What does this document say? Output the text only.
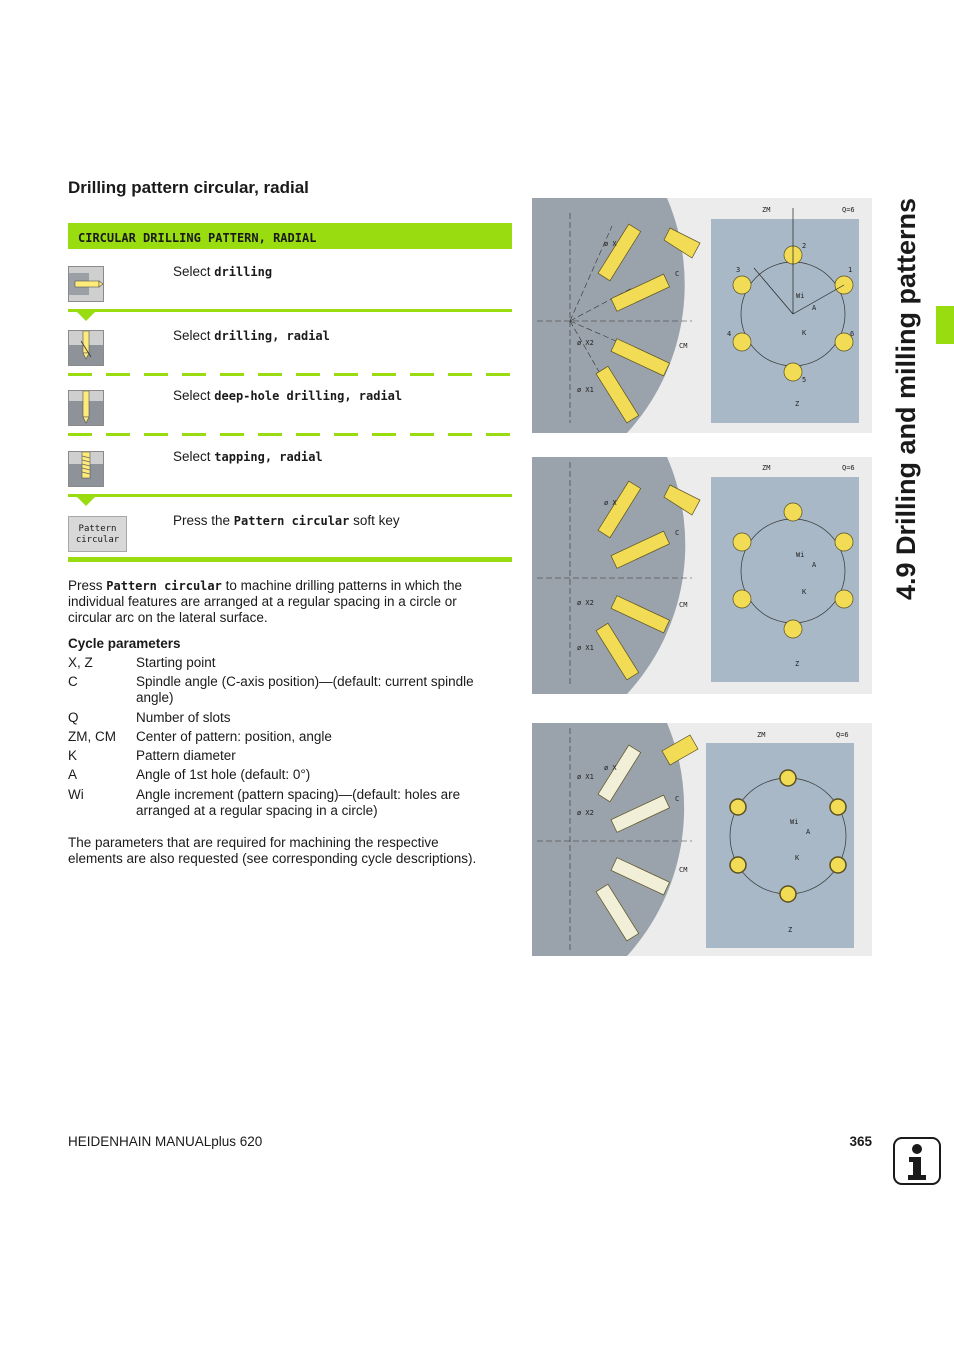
Drilling pattern circular, radial
CIRCULAR DRILLING PATTERN, RADIAL
Select drilling
Select drilling, radial
Select deep-hole drilling, radial
Select tapping, radial
Pattern
circular
Press the Pattern circular soft key
Press Pattern circular to machine drilling patterns in which the
individual features are arranged at a regular spacing in a circle or
circular arc on the lateral surface.
Cycle parameters
X, Z	Starting point

C	Spindle angle (C-axis position)—(default: current spindle
angle)
Q	Number of slots
ZM, CM Center of pattern: position, angle
K	Pattern diameter
A	Angle of 1st hole (default: 0°)
Wi	Angle increment (pattern spacing)—(default: holes are
arranged at a regular spacing in a circle)
The parameters that are required for machining the respective
elements are also requested (see corresponding cycle descriptions).
ø X
ø X2
ø X1
C
CM
ZM	Q=6
Wi
A
K
Z
1
2
3
4
5
6
ø X
ø X2
ø X1
C
CM
ZM	Q=6
Wi
A
K
Z
ø X
ø X1
ø X2
C
CM
ZM	Q=6
Wi
A
K
Z
4.9 Drilling and milling patterns
HEIDENHAIN MANUALplus 620	365
